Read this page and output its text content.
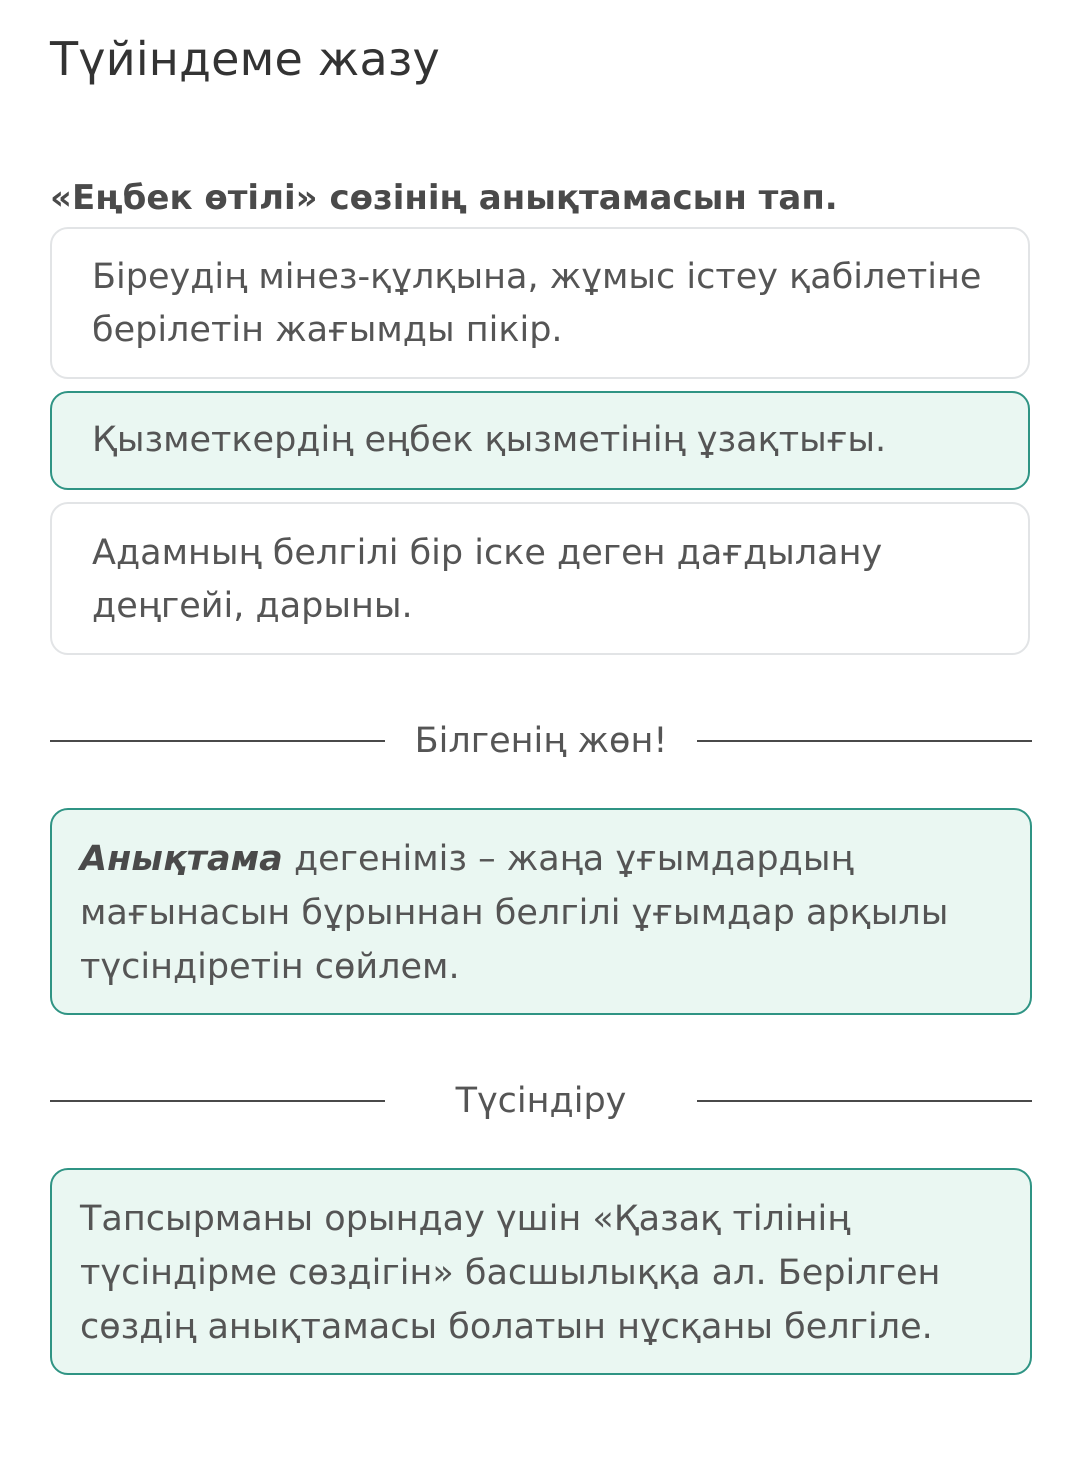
Түйіндеме жазу
«Еңбек өтілі» сөзінің анықтамасын тап.
Біреудің мінез-құлқына, жұмыс істеу қабілетіне берілетін жағымды пікір.
Қызметкердің еңбек қызметінің ұзақтығы.
Адамның белгілі бір іске деген дағдылану деңгейі, дарыны.
Білгенің жөн!
Анықтама дегеніміз – жаңа ұғымдардың мағынасын бұрыннан белгілі ұғымдар арқылы түсіндіретін сөйлем.
Түсіндіру
Тапсырманы орындау үшін «Қазақ тілінің түсіндірме сөздігін» басшылыққа ал. Берілген сөздің анықтамасы болатын нұсқаны белгіле.
